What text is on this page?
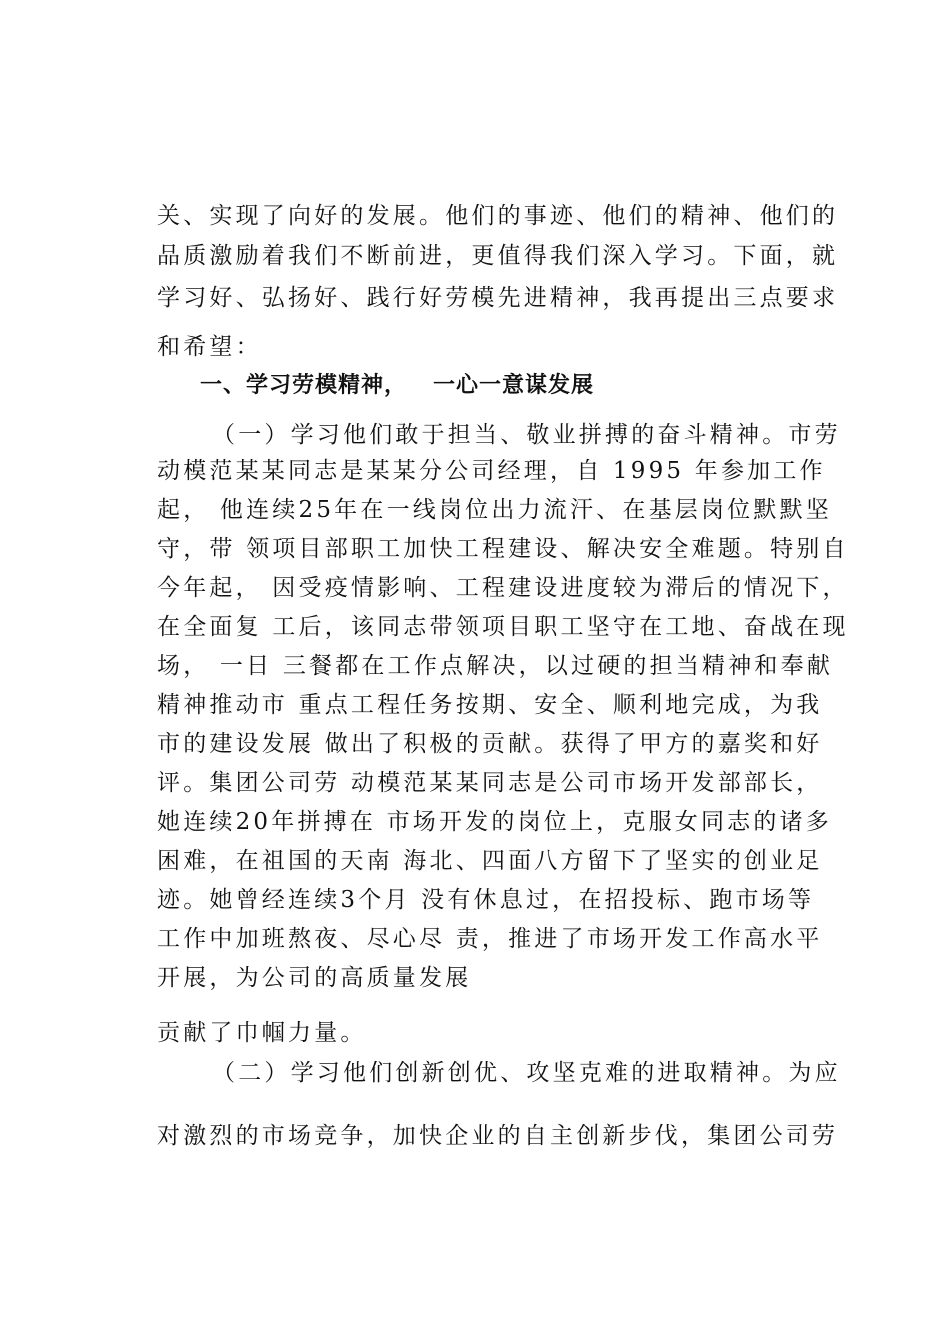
关、实现了向好的发展。他们的事迹、他们的精神、他们的
品质激励着我们不断前进，更值得我们深入学习。下面，就
学习好、弘扬好、践行好劳模先进精神，我再提出三点要求
和希望：
一、学习劳模精神，   一心一意谋发展
（一）学习他们敢于担当、敬业拼搏的奋斗精神。市劳
动模范某某同志是某某分公司经理，自 1995 年参加工作
起， 他连续25年在一线岗位出力流汗、在基层岗位默默坚
守，带 领项目部职工加快工程建设、解决安全难题。特别自
今年起， 因受疫情影响、工程建设进度较为滞后的情况下，
在全面复 工后，该同志带领项目职工坚守在工地、奋战在现
场， 一日 三餐都在工作点解决，以过硬的担当精神和奉献
精神推动市 重点工程任务按期、安全、顺利地完成，为我
市的建设发展 做出了积极的贡献。获得了甲方的嘉奖和好
评。集团公司劳 动模范某某同志是公司市场开发部部长，
她连续20年拼搏在 市场开发的岗位上，克服女同志的诸多
困难，在祖国的天南 海北、四面八方留下了坚实的创业足
迹。她曾经连续3个月 没有休息过，在招投标、跑市场等
工作中加班熬夜、尽心尽 责，推进了市场开发工作高水平
开展，为公司的高质量发展
贡献了巾帼力量。
（二）学习他们创新创优、攻坚克难的进取精神。为应
对激烈的市场竞争，加快企业的自主创新步伐，集团公司劳
